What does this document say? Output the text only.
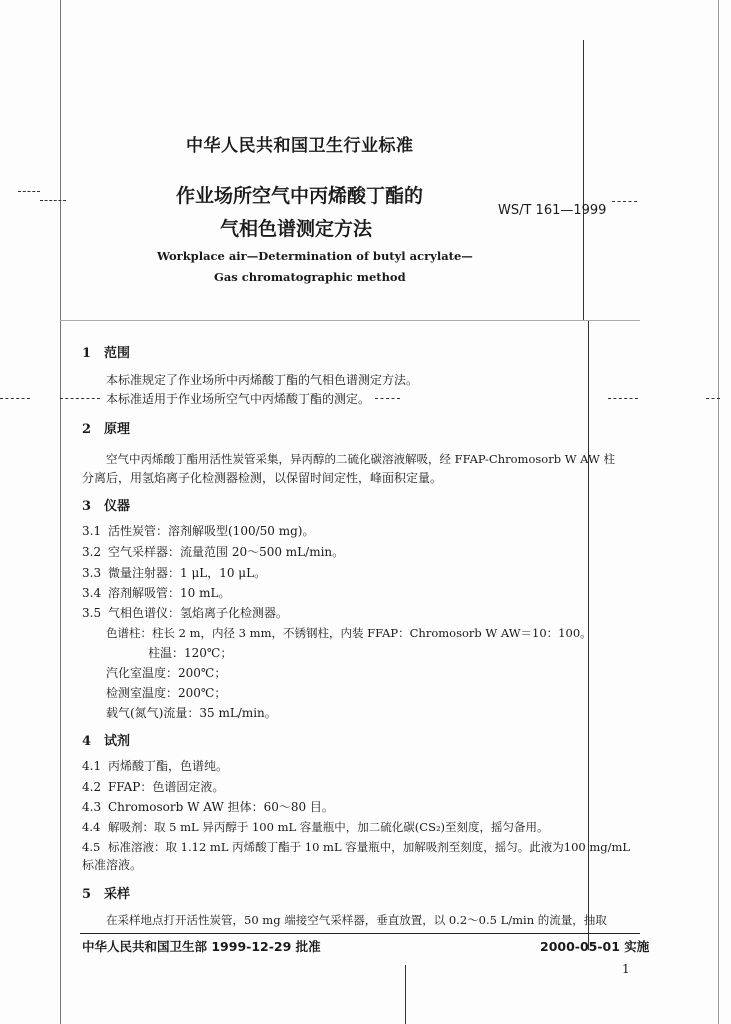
中华人民共和国卫生行业标准
作业场所空气中丙烯酸丁酯的
气相色谱测定方法
WS/T 161—1999
Workplace air—Determination of butyl acrylate—
Gas chromatographic method
1　范围
本标准规定了作业场所中丙烯酸丁酯的气相色谱测定方法。
本标准适用于作业场所空气中丙烯酸丁酯的测定。
2　原理
空气中丙烯酸丁酯用活性炭管采集，异丙醇的二硫化碳溶液解吸，经 FFAP-Chromosorb W AW 柱
分离后，用氢焰离子化检测器检测，以保留时间定性，峰面积定量。
3　仪器
3.1 活性炭管：溶剂解吸型(100/50 mg)。
3.2 空气采样器：流量范围 20～500 mL/min。
3.3 微量注射器：1 μL，10 μL。
3.4 溶剂解吸管：10 mL。
3.5 气相色谱仪：氢焰离子化检测器。
色谱柱：柱长 2 m，内径 3 mm，不锈钢柱，内装 FFAP：Chromosorb W AW＝10：100。
柱温：120℃；
汽化室温度：200℃；
检测室温度：200℃；
载气(氮气)流量：35 mL/min。
4　试剂
4.1 丙烯酸丁酯，色谱纯。
4.2 FFAP：色谱固定液。
4.3 Chromosorb W AW 担体：60～80 目。
4.4 解吸剂：取 5 mL 异丙醇于 100 mL 容量瓶中，加二硫化碳(CS₂)至刻度，摇匀备用。
4.5 标准溶液：取 1.12 mL 丙烯酸丁酯于 10 mL 容量瓶中，加解吸剂至刻度，摇匀。此液为100 mg/mL
标准溶液。
5　采样
在采样地点打开活性炭管，50 mg 端接空气采样器，垂直放置，以 0.2～0.5 L/min 的流量，抽取
中华人民共和国卫生部 1999-12-29 批准	2000-05-01 实施
1
